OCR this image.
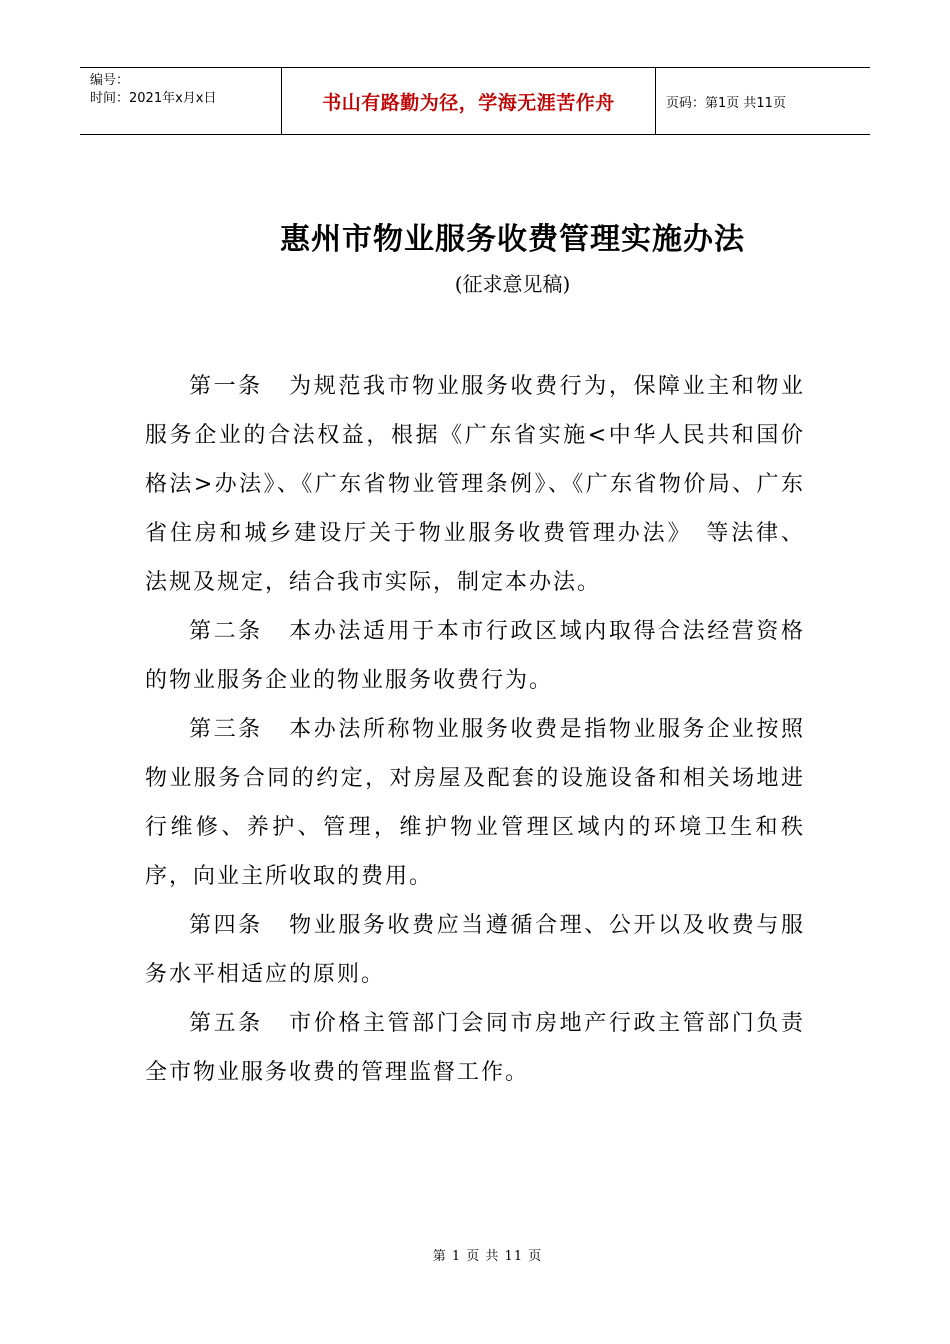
编号：
时间：2021年x月x日	书山有路勤为径，学海无涯苦作舟	页码：第1页 共11页
惠州市物业服务收费管理实施办法
(征求意见稿)

第一条 为规范我市物业服务收费行为，保障业主和物业服务企业的合法权益，根据《广东省实施<中华人民共和国价格法>办法》、《广东省物业管理条例》、《广东省物价局、广东省住房和城乡建设厅关于物业服务收费管理办法》　等法律、法规及规定，结合我市实际，制定本办法。

第二条 本办法适用于本市行政区域内取得合法经营资格的物业服务企业的物业服务收费行为。

第三条 本办法所称物业服务收费是指物业服务企业按照物业服务合同的约定，对房屋及配套的设施设备和相关场地进行维修、养护、管理，维护物业管理区域内的环境卫生和秩序，向业主所收取的费用。

第四条 物业服务收费应当遵循合理、公开以及收费与服务水平相适应的原则。

第五条 市价格主管部门会同市房地产行政主管部门负责全市物业服务收费的管理监督工作。

第 1 页 共 11 页
